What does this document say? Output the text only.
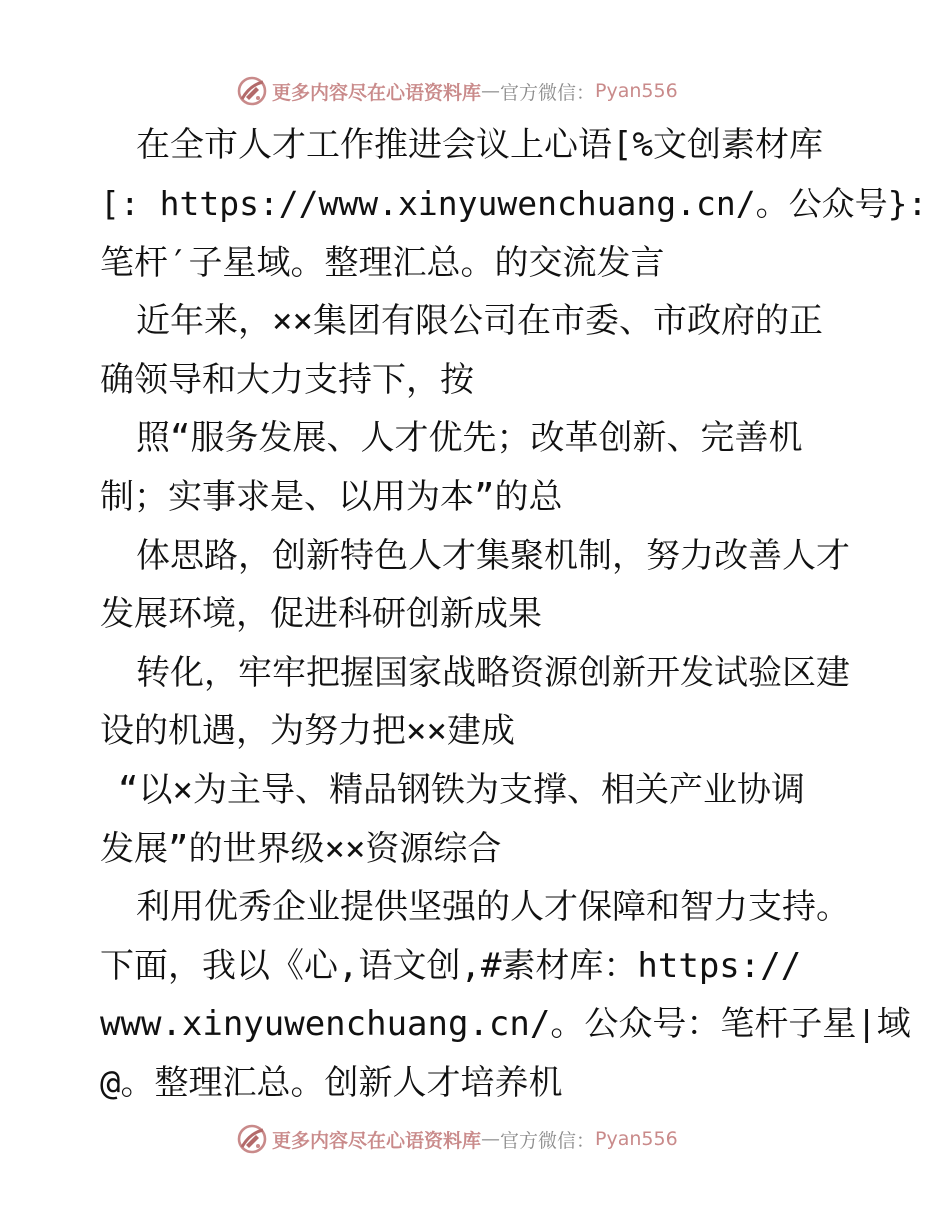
更多内容尽在心语资料库 — 官方微信： Pyan556
在全市人才工作推进会议上心语[%文创素材库
[: https://www.xinyuwenchuang.cn/。公众号}:
笔杆′子星域。整理汇总。的交流发言
近年来，××集团有限公司在市委、市政府的正
确领导和大力支持下，按
照“服务发展、人才优先；改革创新、完善机
制；实事求是、以用为本”的总
体思路，创新特色人才集聚机制，努力改善人才
发展环境，促进科研创新成果
转化，牢牢把握国家战略资源创新开发试验区建
设的机遇，为努力把××建成
“以×为主导、精品钢铁为支撑、相关产业协调
发展”的世界级××资源综合
利用优秀企业提供坚强的人才保障和智力支持。
下面，我以《心,语文创,#素材库：https://
www.xinyuwenchuang.cn/。公众号：笔杆子星|域
@。整理汇总。创新人才培养机
更多内容尽在心语资料库 — 官方微信： Pyan556
